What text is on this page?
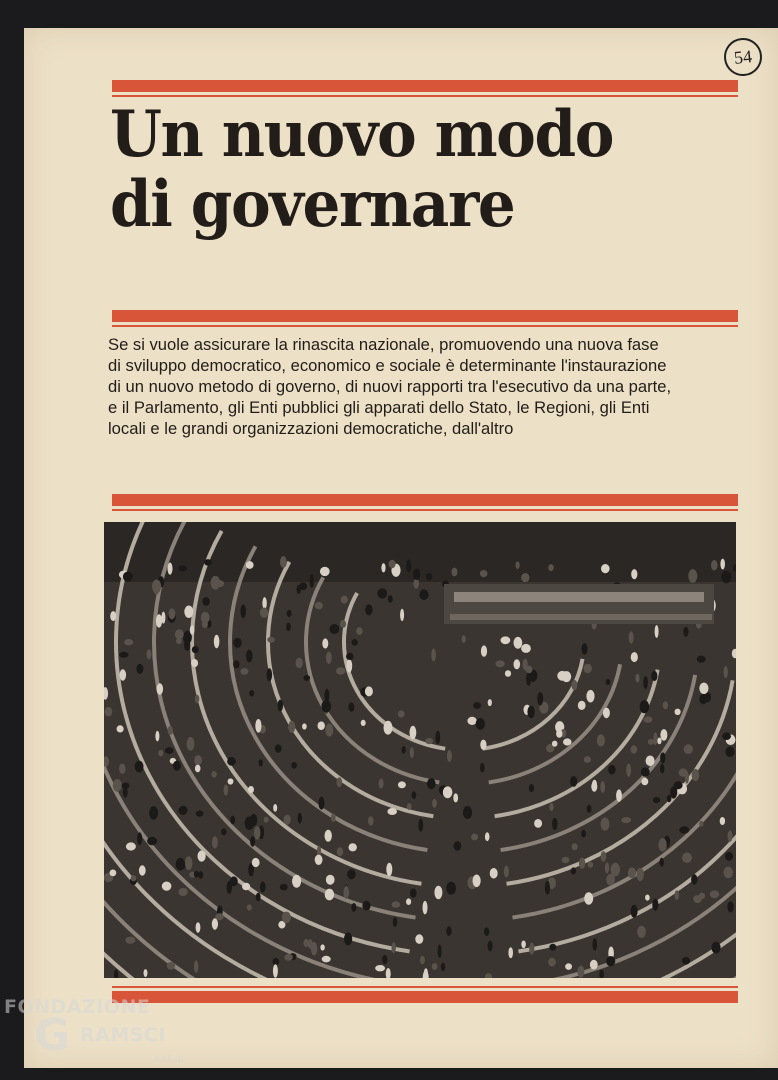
54
Un nuovo modo
di governare

Se si vuole assicurare la rinascita nazionale, promuovendo una nuova fase
di sviluppo democratico, economico e sociale è determinante l'instaurazione
di un nuovo metodo di governo, di nuovi rapporti tra l'esecutivo da una parte,
e il Parlamento, gli Enti pubblici gli apparati dello Stato, le Regioni, gli Enti
locali e le grandi organizzazioni democratiche, dall'altro

FONDAZIONE
G RAMSCI
onlus
